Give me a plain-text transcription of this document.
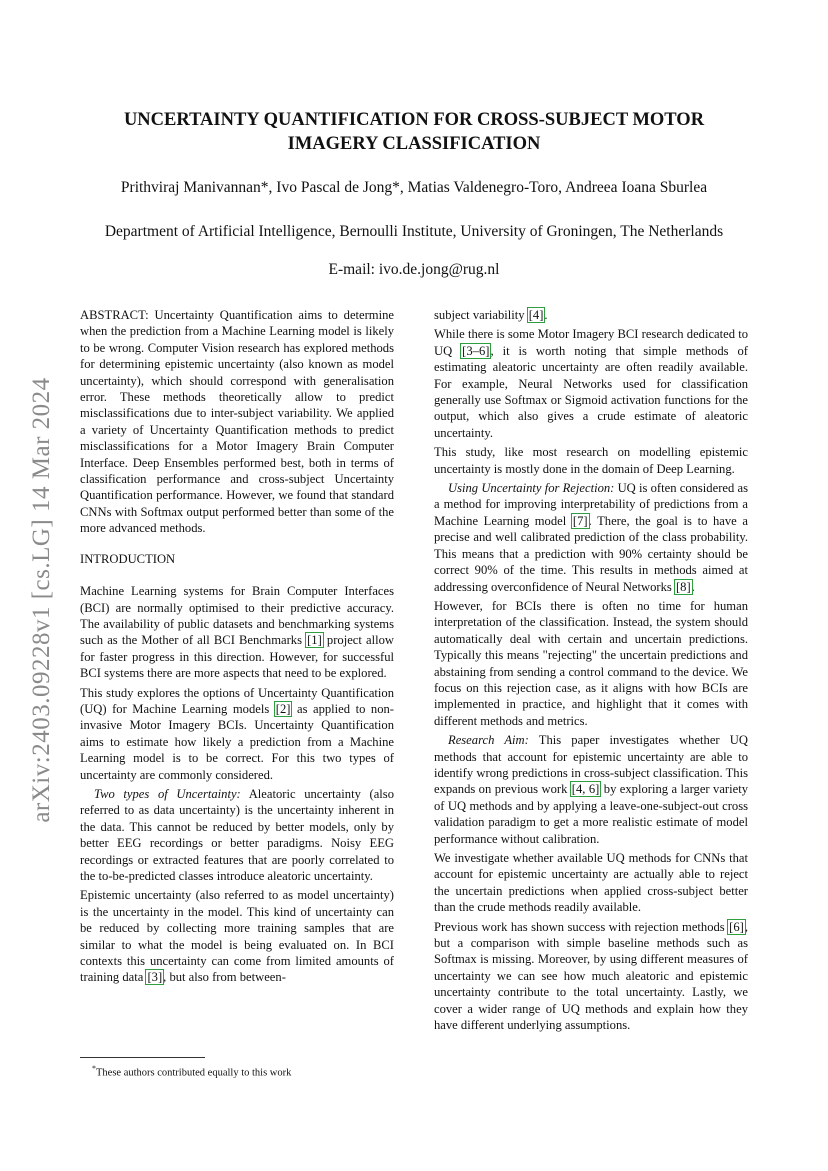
arXiv:2403.09228v1 [cs.LG] 14 Mar 2024
UNCERTAINTY QUANTIFICATION FOR CROSS-SUBJECT MOTOR IMAGERY CLASSIFICATION
Prithviraj Manivannan*, Ivo Pascal de Jong*, Matias Valdenegro-Toro, Andreea Ioana Sburlea
Department of Artificial Intelligence, Bernoulli Institute, University of Groningen, The Netherlands
E-mail: ivo.de.jong@rug.nl

ABSTRACT: Uncertainty Quantification aims to determine when the prediction from a Machine Learning model is likely to be wrong. Computer Vision research has explored methods for determining epistemic uncertainty (also known as model uncertainty), which should correspond with generalisation error. These methods theoretically allow to predict misclassifications due to inter-subject variability. We applied a variety of Uncertainty Quantification methods to predict misclassifications for a Motor Imagery Brain Computer Interface. Deep Ensembles performed best, both in terms of classification performance and cross-subject Uncertainty Quantification performance. However, we found that standard CNNs with Softmax output performed better than some of the more advanced methods.

INTRODUCTION

Machine Learning systems for Brain Computer Interfaces (BCI) are normally optimised to their predictive accuracy. The availability of public datasets and benchmarking systems such as the Mother of all BCI Benchmarks [1] project allow for faster progress in this direction. However, for successful BCI systems there are more aspects that need to be explored.

This study explores the options of Uncertainty Quantification (UQ) for Machine Learning models [2] as applied to non-invasive Motor Imagery BCIs. Uncertainty Quantification aims to estimate how likely a prediction from a Machine Learning model is to be correct. For this two types of uncertainty are commonly considered.

Two types of Uncertainty: Aleatoric uncertainty (also referred to as data uncertainty) is the uncertainty inherent in the data. This cannot be reduced by better models, only by better EEG recordings or better paradigms. Noisy EEG recordings or extracted features that are poorly correlated to the to-be-predicted classes introduce aleatoric uncertainty.

Epistemic uncertainty (also referred to as model uncertainty) is the uncertainty in the model. This kind of uncertainty can be reduced by collecting more training samples that are similar to what the model is being evaluated on. In BCI contexts this uncertainty can come from limited amounts of training data [3], but also from between-

subject variability [4].

While there is some Motor Imagery BCI research dedicated to UQ [3–6], it is worth noting that simple methods of estimating aleatoric uncertainty are often readily available. For example, Neural Networks used for classification generally use Softmax or Sigmoid activation functions for the output, which also gives a crude estimate of aleatoric uncertainty.

This study, like most research on modelling epistemic uncertainty is mostly done in the domain of Deep Learning.

Using Uncertainty for Rejection: UQ is often considered as a method for improving interpretability of predictions from a Machine Learning model [7]. There, the goal is to have a precise and well calibrated prediction of the class probability. This means that a prediction with 90% certainty should be correct 90% of the time. This results in methods aimed at addressing overconfidence of Neural Networks [8].

However, for BCIs there is often no time for human interpretation of the classification. Instead, the system should automatically deal with certain and uncertain predictions. Typically this means "rejecting" the uncertain predictions and abstaining from sending a control command to the device. We focus on this rejection case, as it aligns with how BCIs are implemented in practice, and highlight that it comes with different methods and metrics.

Research Aim: This paper investigates whether UQ methods that account for epistemic uncertainty are able to identify wrong predictions in cross-subject classification. This expands on previous work [4, 6] by exploring a larger variety of UQ methods and by applying a leave-one-subject-out cross validation paradigm to get a more realistic estimate of model performance without calibration.

We investigate whether available UQ methods for CNNs that account for epistemic uncertainty are actually able to reject the uncertain predictions when applied cross-subject better than the crude methods readily available.

Previous work has shown success with rejection methods [6], but a comparison with simple baseline methods such as Softmax is missing. Moreover, by using different measures of uncertainty we can see how much aleatoric and epistemic uncertainty contribute to the total uncertainty. Lastly, we cover a wider range of UQ methods and explain how they have different underlying assumptions.

*These authors contributed equally to this work
